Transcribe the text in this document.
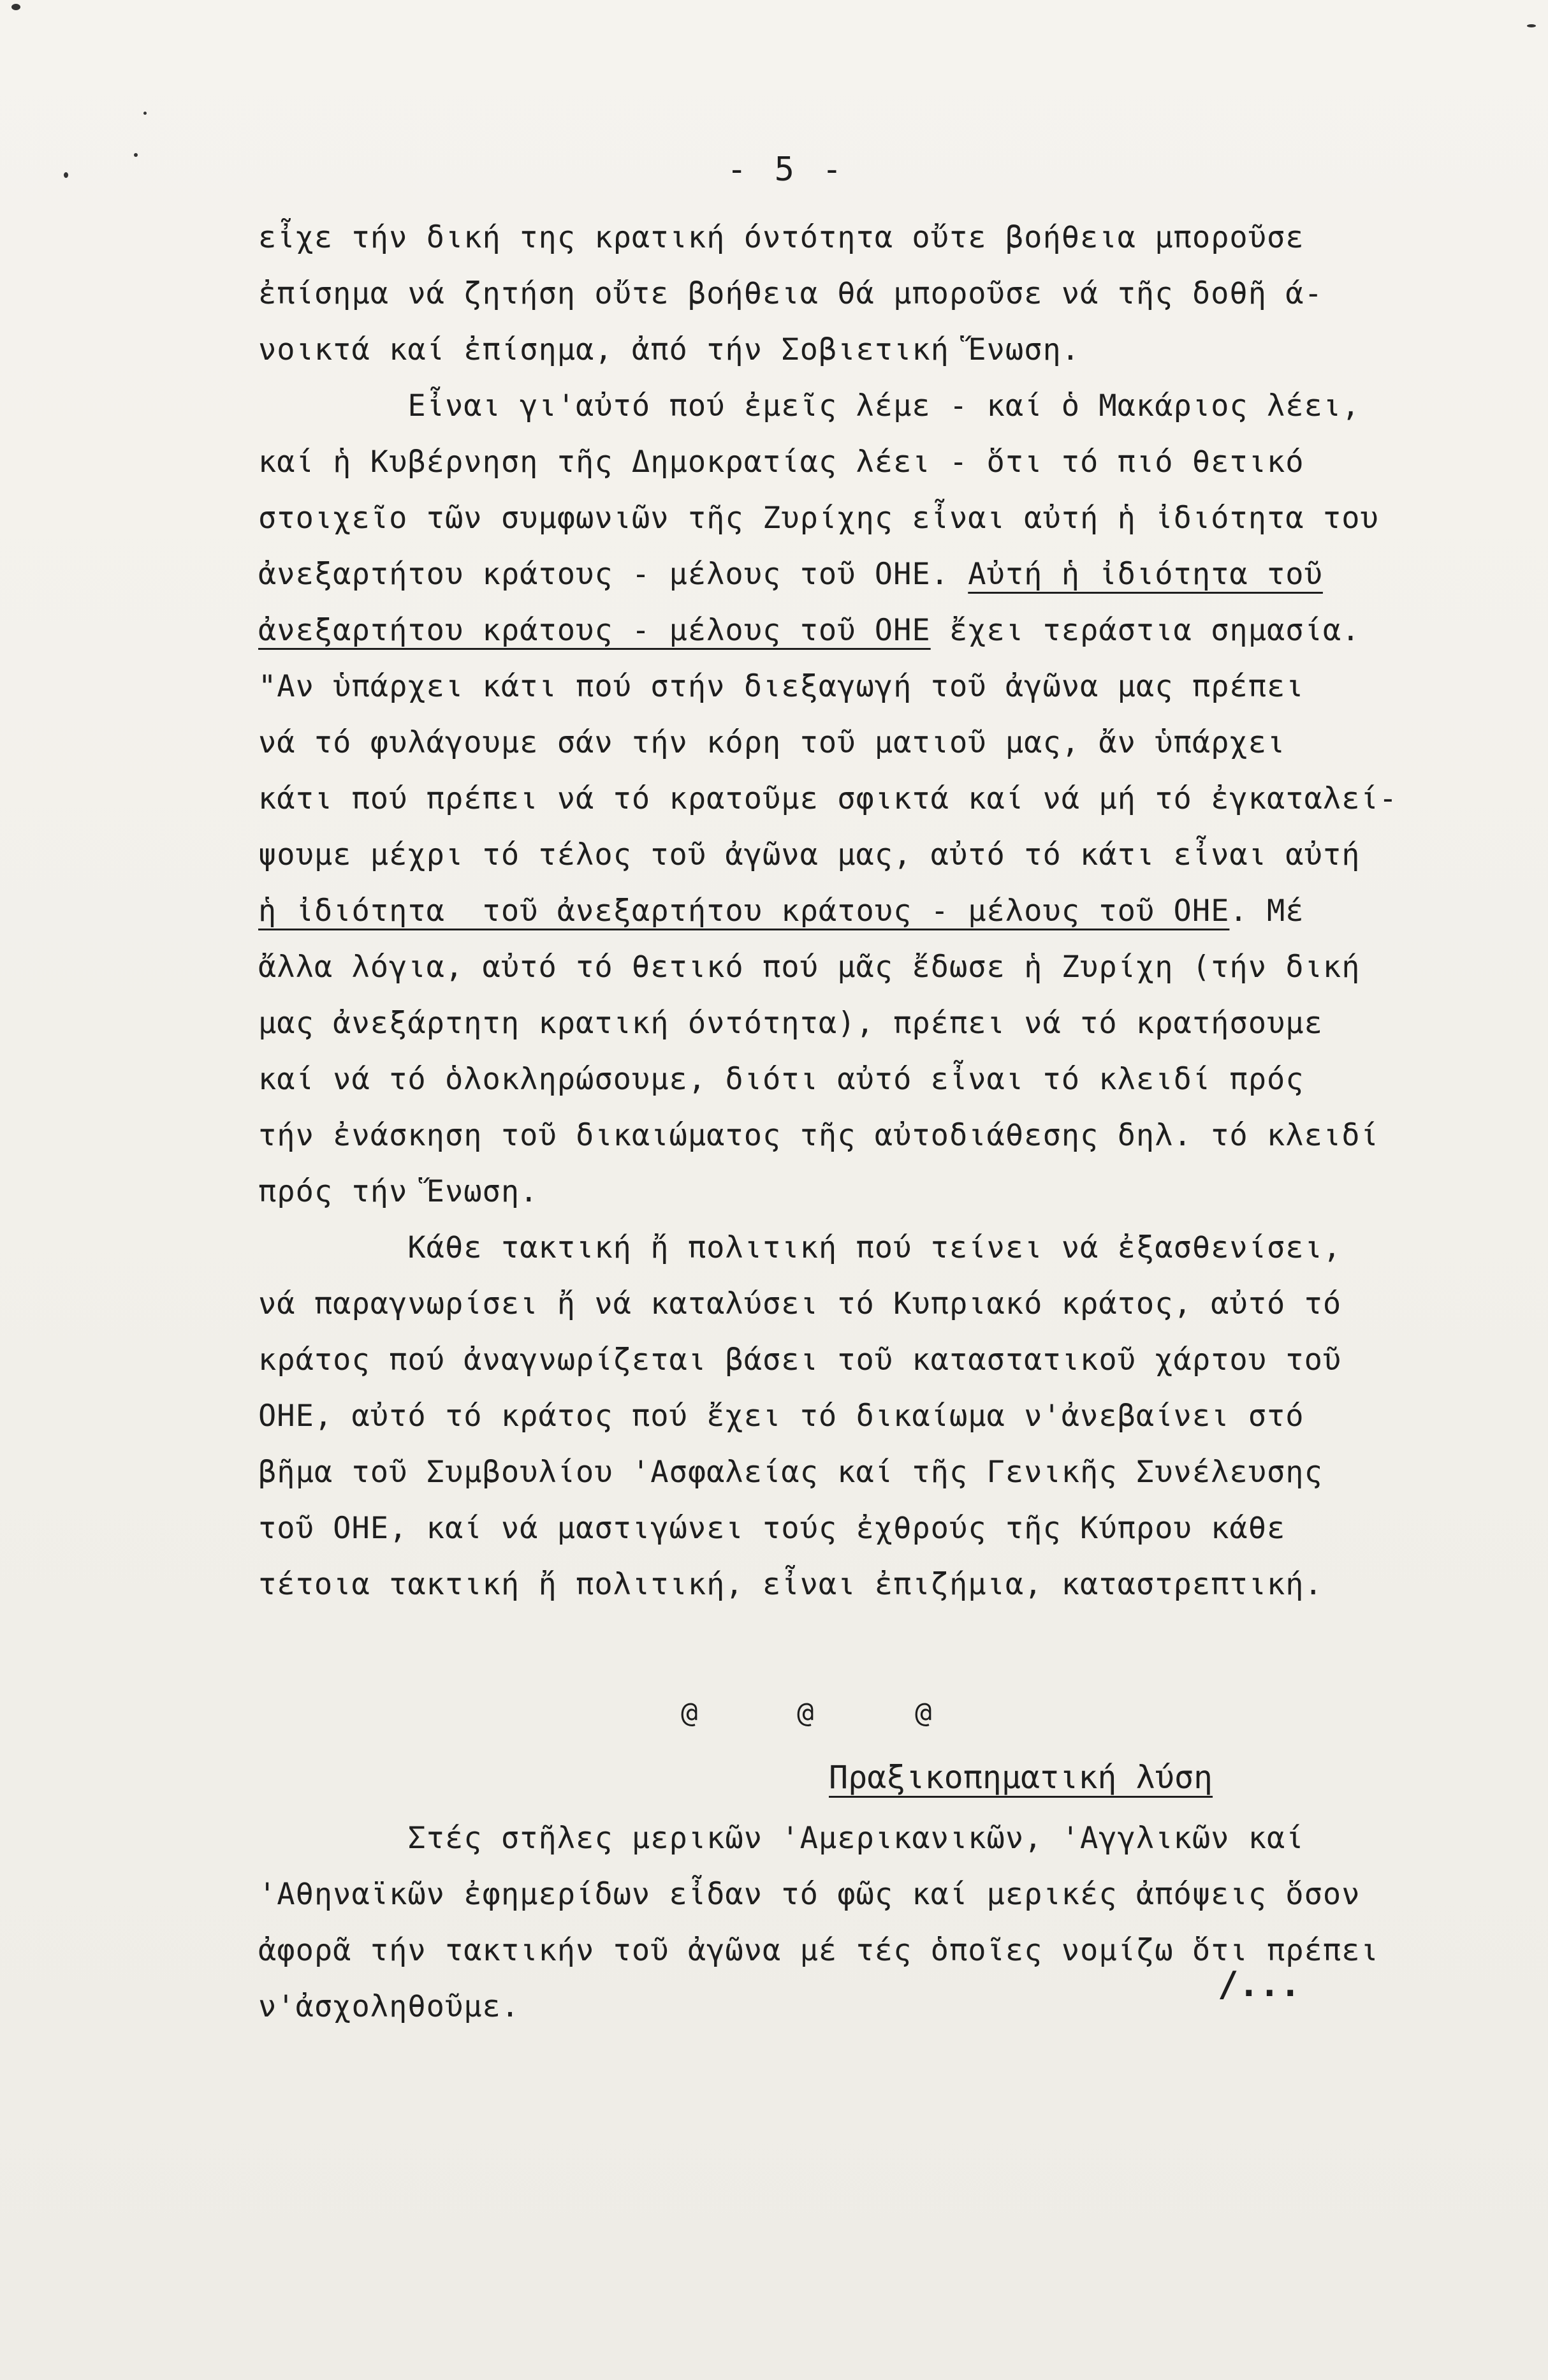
- 5 -
εἶχε τήν δική της κρατική όντότητα οὔτε βοήθεια μποροῦσε
ἐπίσημα νά ζητήση οὔτε βοήθεια θά μποροῦσε νά τῆς δοθῆ ά-
νοικτά καί ἐπίσημα, ἀπό τήν Σοβιετική Ἕνωση.
Εἶναι γι'αὐτό πού ἐμεῖς λέμε - καί ὁ Μακάριος λέει,
καί ἡ Κυβέρνηση τῆς Δημοκρατίας λέει - ὅτι τό πιό θετικό
στοιχεῖο τῶν συμφωνιῶν τῆς Ζυρίχης εἶναι αὐτή ἡ ἰδιότητα του
ἀνεξαρτήτου κράτους - μέλους τοῦ ΟΗΕ. Αὐτή ἡ ἰδιότητα τοῦ
ἀνεξαρτήτου κράτους - μέλους τοῦ ΟΗΕ ἔχει τεράστια σημασία.
"Αν ὑπάρχει κάτι πού στήν διεξαγωγή τοῦ ἀγῶνα μας πρέπει
νά τό φυλάγουμε σάν τήν κόρη τοῦ ματιοῦ μας, ἄν ὑπάρχει
κάτι πού πρέπει νά τό κρατοῦμε σφικτά καί νά μή τό ἐγκαταλεί-
ψουμε μέχρι τό τέλος τοῦ ἀγῶνα μας, αὐτό τό κάτι εἶναι αὐτή
ἡ ἰδιότητα  τοῦ ἀνεξαρτήτου κράτους - μέλους τοῦ ΟΗΕ. Μέ
ἄλλα λόγια, αὐτό τό θετικό πού μᾶς ἔδωσε ἡ Ζυρίχη (τήν δική
μας ἀνεξάρτητη κρατική όντότητα), πρέπει νά τό κρατήσουμε
καί νά τό ὁλοκληρώσουμε, διότι αὐτό εἶναι τό κλειδί πρός
τήν ἐνάσκηση τοῦ δικαιώματος τῆς αὐτοδιάθεσης δηλ. τό κλειδί
πρός τήν Ἕνωση.
Κάθε τακτική ἤ πολιτική πού τείνει νά ἐξασθενίσει,
νά παραγνωρίσει ἤ νά καταλύσει τό Κυπριακό κράτος, αὐτό τό
κράτος πού ἀναγνωρίζεται βάσει τοῦ καταστατικοῦ χάρτου τοῦ
ΟΗΕ, αὐτό τό κράτος πού ἔχει τό δικαίωμα ν'ἀνεβαίνει στό
βῆμα τοῦ Συμβουλίου 'Ασφαλείας καί τῆς Γενικῆς Συνέλευσης
τοῦ ΟΗΕ, καί νά μαστιγώνει τούς ἐχθρούς τῆς Κύπρου κάθε
τέτοια τακτική ἤ πολιτική, εἶναι ἐπιζήμια, καταστρεπτική.
@	@	@
Πραξικοπηματική λύση
Στές στῆλες μερικῶν 'Αμερικανικῶν, 'Αγγλικῶν καί
'Αθηναϊκῶν ἐφημερίδων εἶδαν τό φῶς καί μερικές ἀπόψεις ὅσον
ἀφορᾶ τήν τακτικήν τοῦ ἀγῶνα μέ τές ὁποῖες νομίζω ὅτι πρέπει
ν'ἀσχοληθοῦμε.
/...
